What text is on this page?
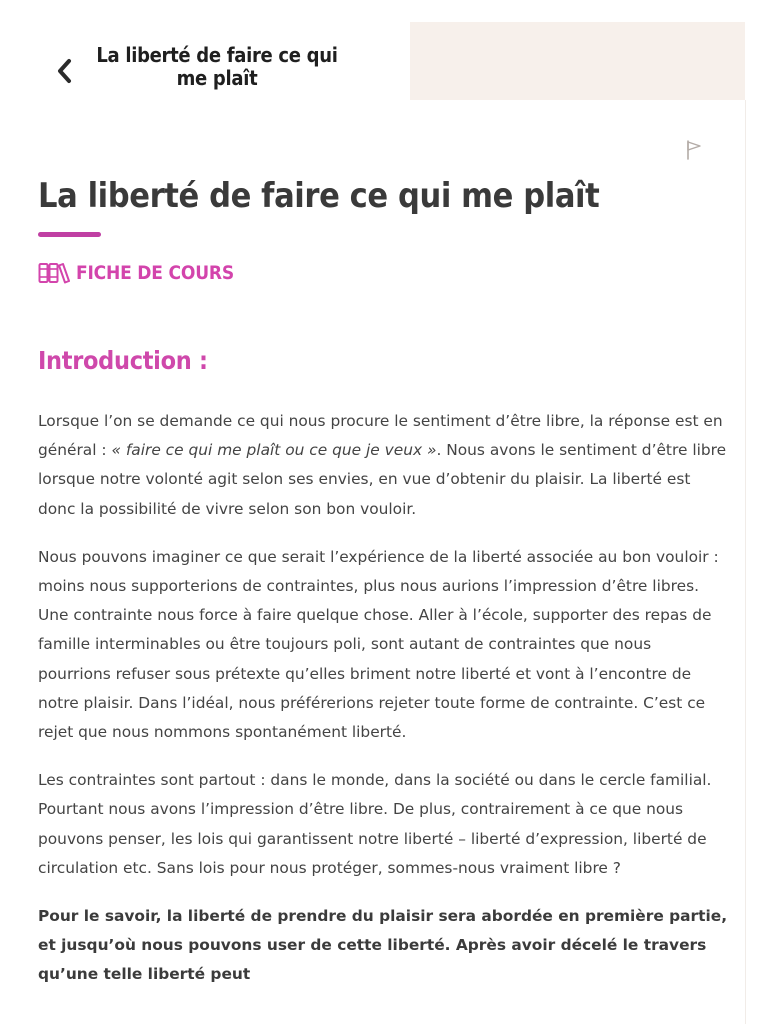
La liberté de faire ce qui me plaît
La liberté de faire ce qui me plaît
FICHE DE COURS
Introduction :

Lorsque l’on se demande ce qui nous procure le sentiment d’être libre, la réponse est en général : « faire ce qui me plaît ou ce que je veux ». Nous avons le sentiment d’être libre lorsque notre volonté agit selon ses envies, en vue d’obtenir du plaisir. La liberté est donc la possibilité de vivre selon son bon vouloir.

Nous pouvons imaginer ce que serait l’expérience de la liberté associée au bon vouloir : moins nous supporterions de contraintes, plus nous aurions l’impression d’être libres. Une contrainte nous force à faire quelque chose. Aller à l’école, supporter des repas de famille interminables ou être toujours poli, sont autant de contraintes que nous pourrions refuser sous prétexte qu’elles briment notre liberté et vont à l’encontre de notre plaisir. Dans l’idéal, nous préférerions rejeter toute forme de contrainte. C’est ce rejet que nous nommons spontanément liberté.

Les contraintes sont partout : dans le monde, dans la société ou dans le cercle familial. Pourtant nous avons l’impression d’être libre. De plus, contrairement à ce que nous pouvons penser, les lois qui garantissent notre liberté – liberté d’expression, liberté de circulation etc. Sans lois pour nous protéger, sommes-nous vraiment libre ?

Pour le savoir, la liberté de prendre du plaisir sera abordée en première partie, et jusqu’où nous pouvons user de cette liberté. Après avoir décelé le travers qu’une telle liberté peut
